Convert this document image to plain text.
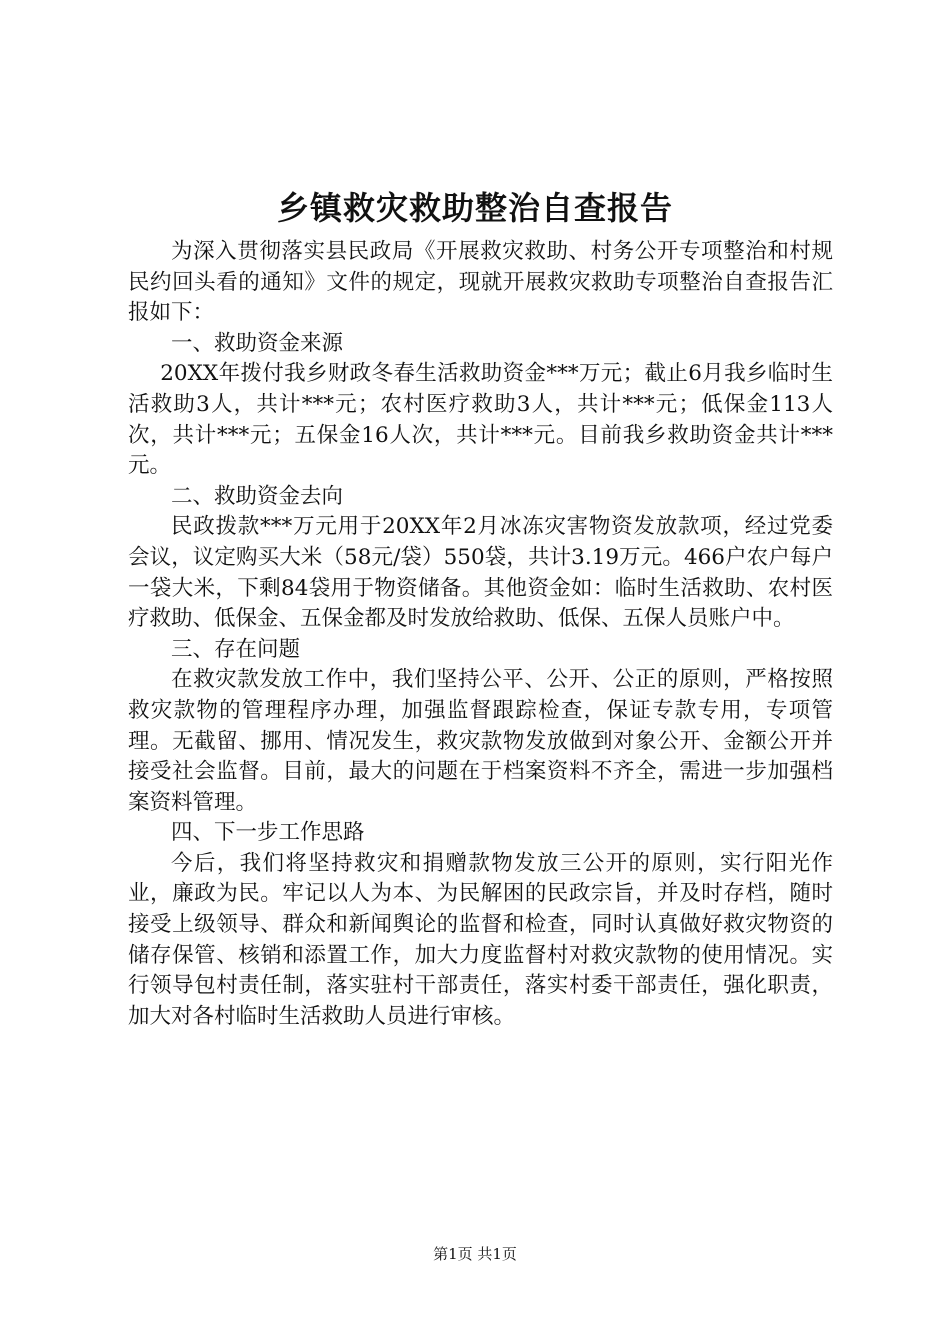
乡镇救灾救助整治自查报告

为深入贯彻落实县民政局《开展救灾救助、村务公开专项整治和村规民约回头看的通知》文件的规定，现就开展救灾救助专项整治自查报告汇报如下：

一、救助资金来源

20XX年拨付我乡财政冬春生活救助资金***万元；截止6月我乡临时生活救助3人，共计***元；农村医疗救助3人，共计***元；低保金113人次，共计***元；五保金16人次，共计***元。目前我乡救助资金共计***元。

二、救助资金去向

民政拨款***万元用于20XX年2月冰冻灾害物资发放款项，经过党委会议，议定购买大米（58元/袋）550袋，共计3.19万元。466户农户每户一袋大米，下剩84袋用于物资储备。其他资金如：临时生活救助、农村医疗救助、低保金、五保金都及时发放给救助、低保、五保人员账户中。

三、存在问题

在救灾款发放工作中，我们坚持公平、公开、公正的原则，严格按照救灾款物的管理程序办理，加强监督跟踪检查，保证专款专用，专项管理。无截留、挪用、情况发生，救灾款物发放做到对象公开、金额公开并接受社会监督。目前，最大的问题在于档案资料不齐全，需进一步加强档案资料管理。

四、下一步工作思路

今后，我们将坚持救灾和捐赠款物发放三公开的原则，实行阳光作业，廉政为民。牢记以人为本、为民解困的民政宗旨，并及时存档，随时接受上级领导、群众和新闻舆论的监督和检查，同时认真做好救灾物资的储存保管、核销和添置工作，加大力度监督村对救灾款物的使用情况。实行领导包村责任制，落实驻村干部责任，落实村委干部责任，强化职责，加大对各村临时生活救助人员进行审核。

第1页 共1页
